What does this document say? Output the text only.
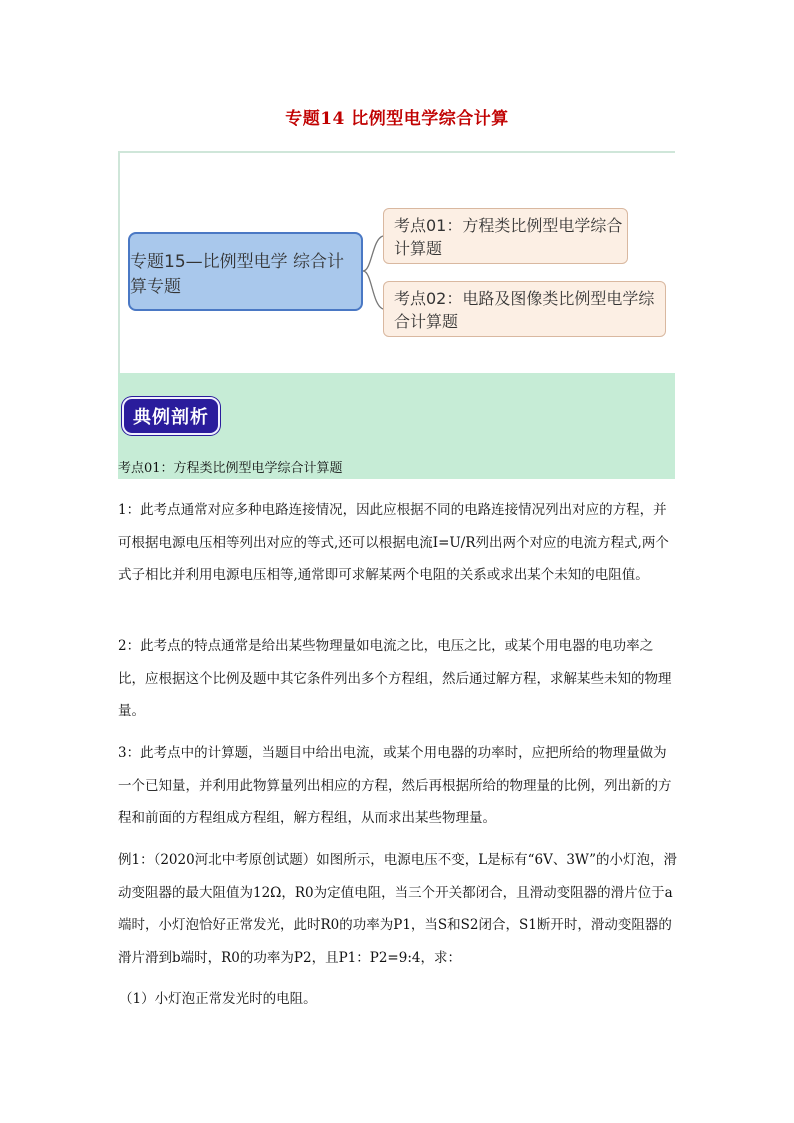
专题14 比例型电学综合计算
专题15—比例型电学 综合计算专题
考点01：方程类比例型电学综合计算题
考点02：电路及图像类比例型电学综合计算题
典例剖析
考点01：方程类比例型电学综合计算题

1：此考点通常对应多种电路连接情况，因此应根据不同的电路连接情况列出对应的方程，并可根据电源电压相等列出对应的等式,还可以根据电流I=U/R列出两个对应的电流方程式,两个式子相比并利用电源电压相等,通常即可求解某两个电阻的关系或求出某个未知的电阻值。

2：此考点的特点通常是给出某些物理量如电流之比，电压之比，或某个用电器的电功率之比，应根据这个比例及题中其它条件列出多个方程组，然后通过解方程，求解某些未知的物理量。

3：此考点中的计算题，当题目中给出电流，或某个用电器的功率时，应把所给的物理量做为一个已知量，并利用此物算量列出相应的方程，然后再根据所给的物理量的比例，列出新的方程和前面的方程组成方程组，解方程组，从而求出某些物理量。

例1：（2020河北中考原创试题）如图所示，电源电压不变，L是标有“6V、3W”的小灯泡，滑动变阻器的最大阻值为12Ω，R0为定值电阻，当三个开关都闭合，且滑动变阻器的滑片位于a端时，小灯泡恰好正常发光，此时R0的功率为P1，当S和S2闭合，S1断开时，滑动变阻器的滑片滑到b端时，R0的功率为P2，且P1：P2=9:4，求：

（1）小灯泡正常发光时的电阻。
